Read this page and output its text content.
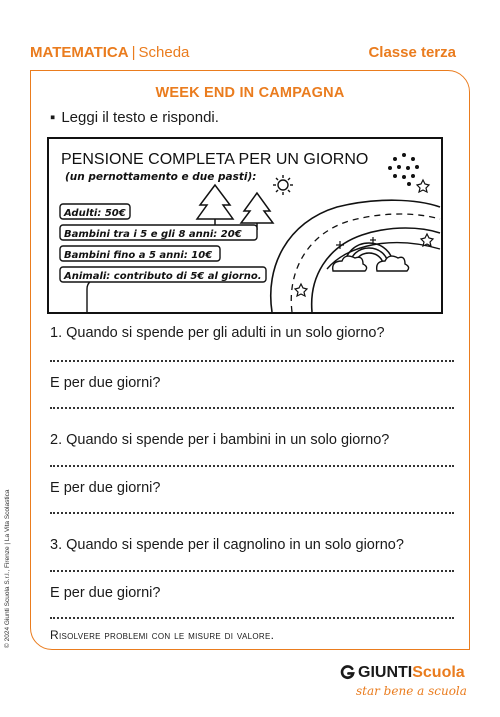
MATEMATICA | Scheda	Classe terza
WEEK END IN CAMPAGNA
▪ Leggi il testo e rispondi.
PENSIONE COMPLETA PER UN GIORNO
(un pernottamento e due pasti):
Adulti: 50€
Bambini tra i 5 e gli 8 anni: 20€
Bambini fino a 5 anni: 10€
Animali: contributo di 5€ al giorno.
1. Quando si spende per gli adulti in un solo giorno?
E per due giorni?
2. Quando si spende per i bambini in un solo giorno?
E per due giorni?
3. Quando si spende per il cagnolino in un solo giorno?
E per due giorni?
Risolvere problemi con le misure di valore.
© 2024 Giunti Scuola S.r.l., Firenze | La Vita Scolastica
GIUNTIScuola
star bene a scuola
